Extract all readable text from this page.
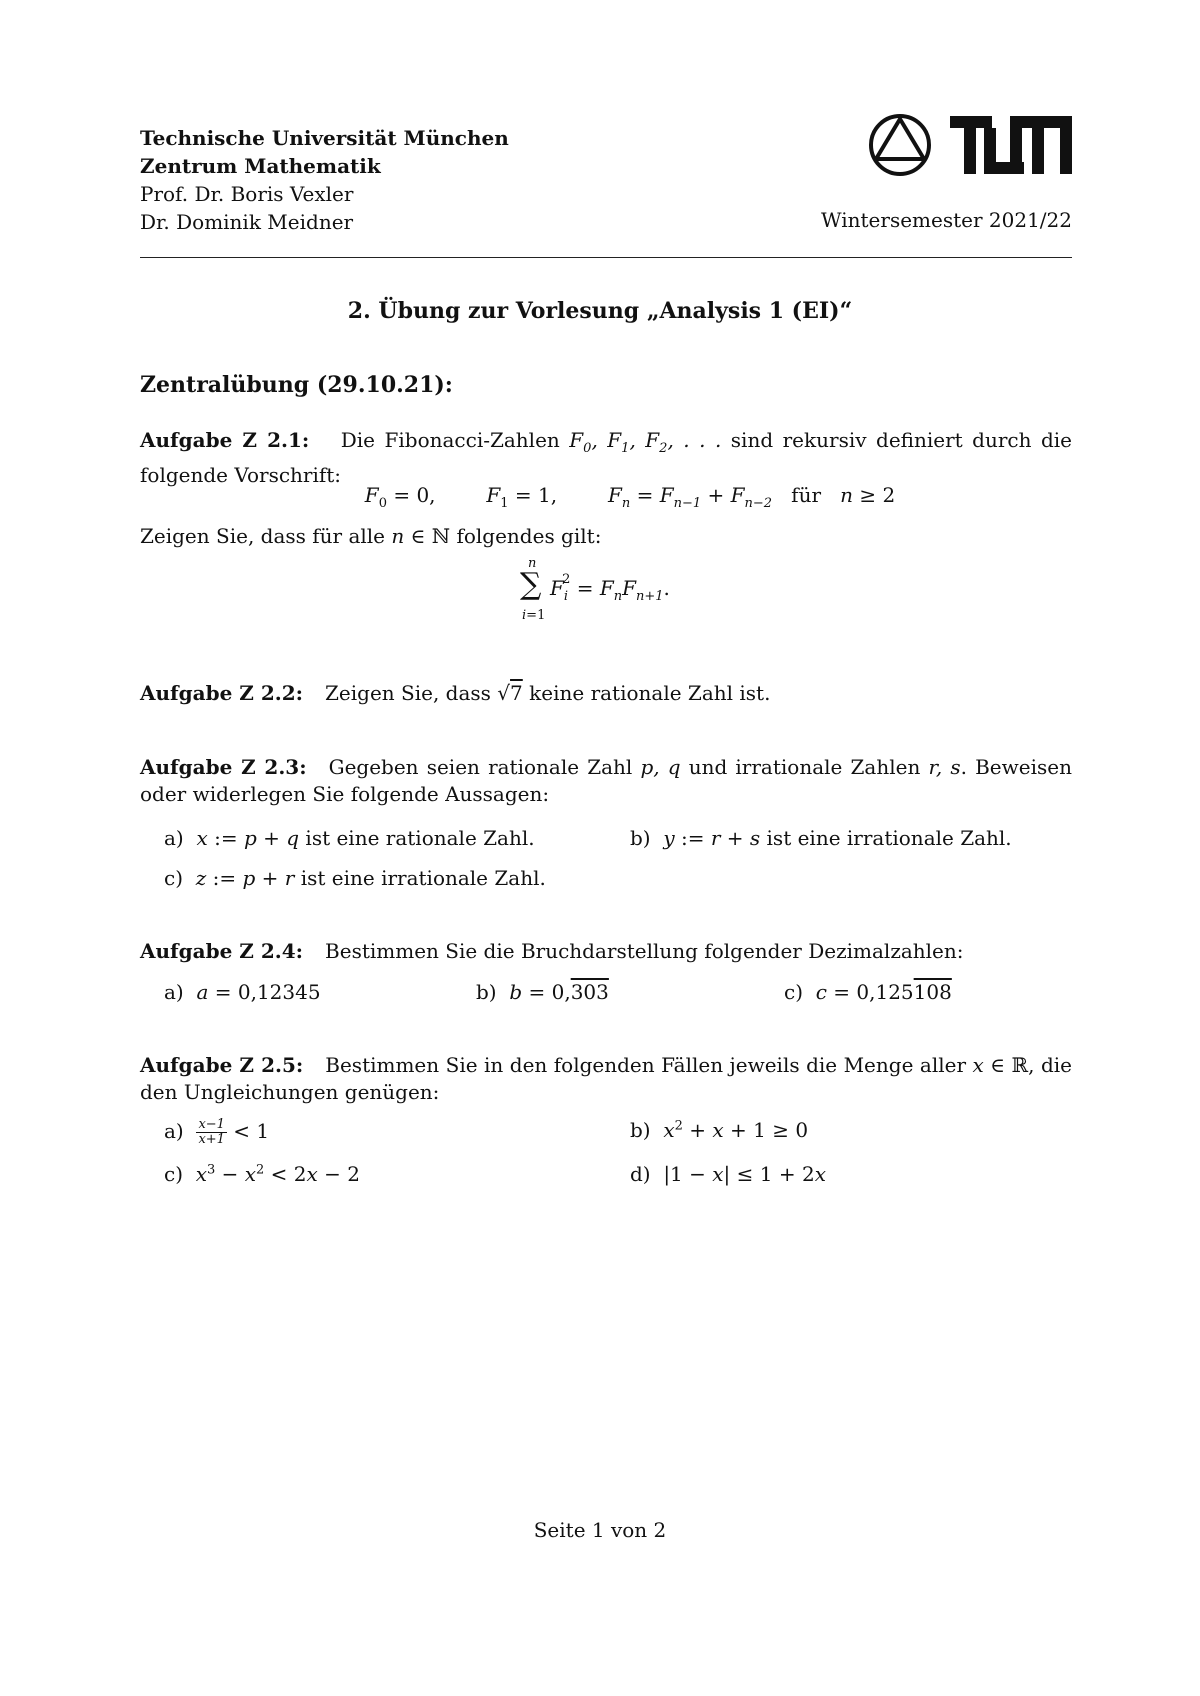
Technische Universität München
Zentrum Mathematik
Prof. Dr. Boris Vexler
Dr. Dominik Meidner	Wintersemester 2021/22
2. Übung zur Vorlesung „Analysis 1 (EI)“
Zentralübung (29.10.21):
Aufgabe Z 2.1: Die Fibonacci-Zahlen $F_0$, $F_1$, $F_2$, . . . sind rekursiv definiert durch die folgende Vorschrift:
$F_0 = 0$,        $F_1 = 1$,        $F_n = F_{n-1} + F_{n-2}$   für   n ≥ 2
Zeigen Sie, dass für alle n ∈ ℕ folgendes gilt:
n
∑
i=1
$F_i^2 = F_nF_{n+1}$.
Aufgabe Z 2.2: Zeigen Sie, dass √7 keine rationale Zahl ist.
Aufgabe Z 2.3: Gegeben seien rationale Zahl p, q und irrationale Zahlen r, s. Beweisen oder widerlegen Sie folgende Aussagen:
a)  x := p + q ist eine rationale Zahl.	b)  y := r + s ist eine irrationale Zahl.
c)  z := p + r ist eine irrationale Zahl.
Aufgabe Z 2.4: Bestimmen Sie die Bruchdarstellung folgender Dezimalzahlen:
a)  a = 0,12345	b)  b = 0,303	c)  c = 0,125108
Aufgabe Z 2.5: Bestimmen Sie in den folgenden Fällen jeweils die Menge aller x ∈ ℝ, die den Ungleichungen genügen:
$a) \frac{x-1}{x+1} < 1$	b)  $x^2 + x + 1 \ge 0$
c)  $x^3 - x^2 < 2x - 2$	d)  |1 − x| ≤ 1 + 2x
Seite 1 von 2
